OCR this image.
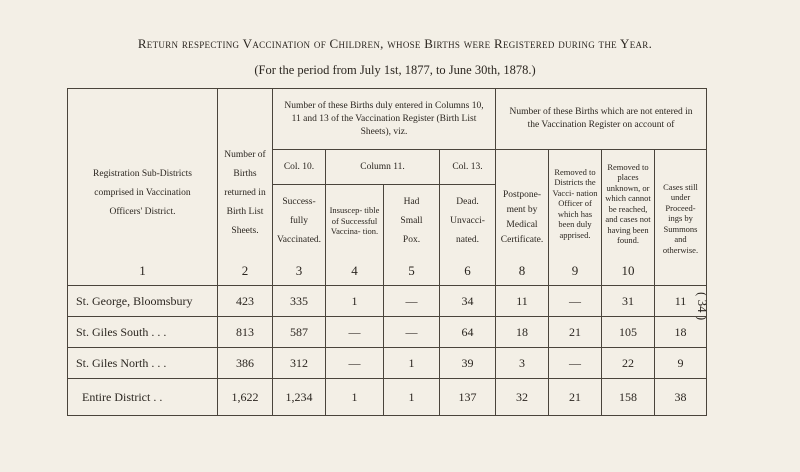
Return respecting Vaccination of Children, whose Births were Registered during the Year.
(For the period from July 1st, 1877, to June 30th, 1878.)
( 34 )
Registration Sub-Districts comprised in Vaccination Officers' District.	Number of Births returned in Birth List Sheets.	Number of these Births duly entered in Columns 10, 11 and 13 of the Vaccination Register (Birth List Sheets), viz.				Number of these Births which are not entered in the Vaccination Register on account of			
		Col. 10.	Column 11.		Col. 13.	Postpone- ment by Medical Certificate.	Removed to Districts the Vacci- nation Officer of which has been duly apprised.	Removed to places unknown, or which cannot be reached, and cases not having been found.	Cases still under Proceed- ings by Summons and otherwise.
		Success- fully Vaccinated.	Insuscep- tible of Successful Vaccina- tion.	Had Small Pox.	Dead. Unvacci- nated.				
1	2	3	4	5	6	8	9	10	
St. George, Bloomsbury	423	335	1	—	34	11	—	31	11
St. Giles South . . .	813	587	—	—	64	18	21	105	18
St. Giles North . . .	386	312	—	1	39	3	—	22	9
Entire District . .	1,622	1,234	1	1	137	32	21	158	38
